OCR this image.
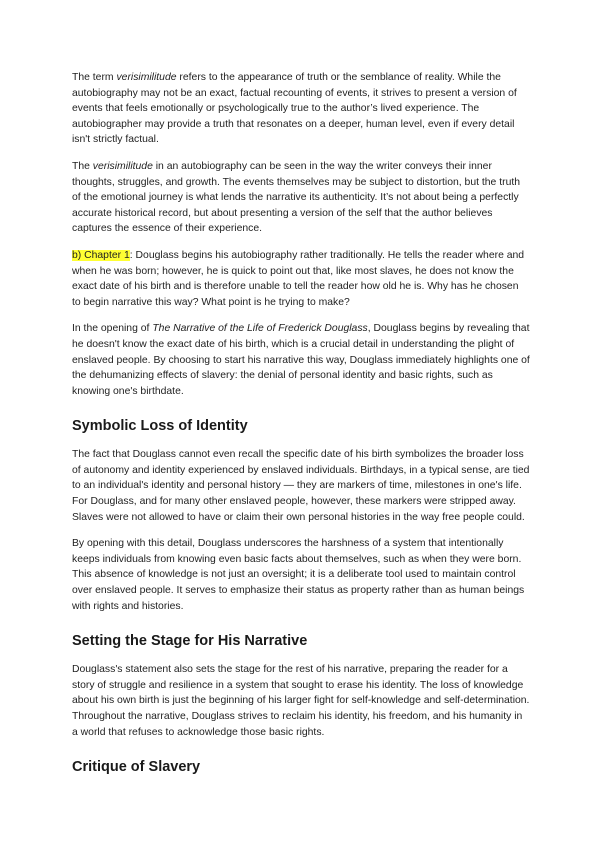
The term verisimilitude refers to the appearance of truth or the semblance of reality. While the autobiography may not be an exact, factual recounting of events, it strives to present a version of events that feels emotionally or psychologically true to the author’s lived experience. The autobiographer may provide a truth that resonates on a deeper, human level, even if every detail isn't strictly factual.

The verisimilitude in an autobiography can be seen in the way the writer conveys their inner thoughts, struggles, and growth. The events themselves may be subject to distortion, but the truth of the emotional journey is what lends the narrative its authenticity. It’s not about being a perfectly accurate historical record, but about presenting a version of the self that the author believes captures the essence of their experience.

b) Chapter 1: Douglass begins his autobiography rather traditionally. He tells the reader where and when he was born; however, he is quick to point out that, like most slaves, he does not know the exact date of his birth and is therefore unable to tell the reader how old he is. Why has he chosen to begin narrative this way? What point is he trying to make?

In the opening of The Narrative of the Life of Frederick Douglass, Douglass begins by revealing that he doesn't know the exact date of his birth, which is a crucial detail in understanding the plight of enslaved people. By choosing to start his narrative this way, Douglass immediately highlights one of the dehumanizing effects of slavery: the denial of personal identity and basic rights, such as knowing one's birthdate.

Symbolic Loss of Identity

The fact that Douglass cannot even recall the specific date of his birth symbolizes the broader loss of autonomy and identity experienced by enslaved individuals. Birthdays, in a typical sense, are tied to an individual's identity and personal history — they are markers of time, milestones in one's life. For Douglass, and for many other enslaved people, however, these markers were stripped away. Slaves were not allowed to have or claim their own personal histories in the way free people could.

By opening with this detail, Douglass underscores the harshness of a system that intentionally keeps individuals from knowing even basic facts about themselves, such as when they were born. This absence of knowledge is not just an oversight; it is a deliberate tool used to maintain control over enslaved people. It serves to emphasize their status as property rather than as human beings with rights and histories.

Setting the Stage for His Narrative

Douglass's statement also sets the stage for the rest of his narrative, preparing the reader for a story of struggle and resilience in a system that sought to erase his identity. The loss of knowledge about his own birth is just the beginning of his larger fight for self-knowledge and self-determination. Throughout the narrative, Douglass strives to reclaim his identity, his freedom, and his humanity in a world that refuses to acknowledge those basic rights.

Critique of Slavery
